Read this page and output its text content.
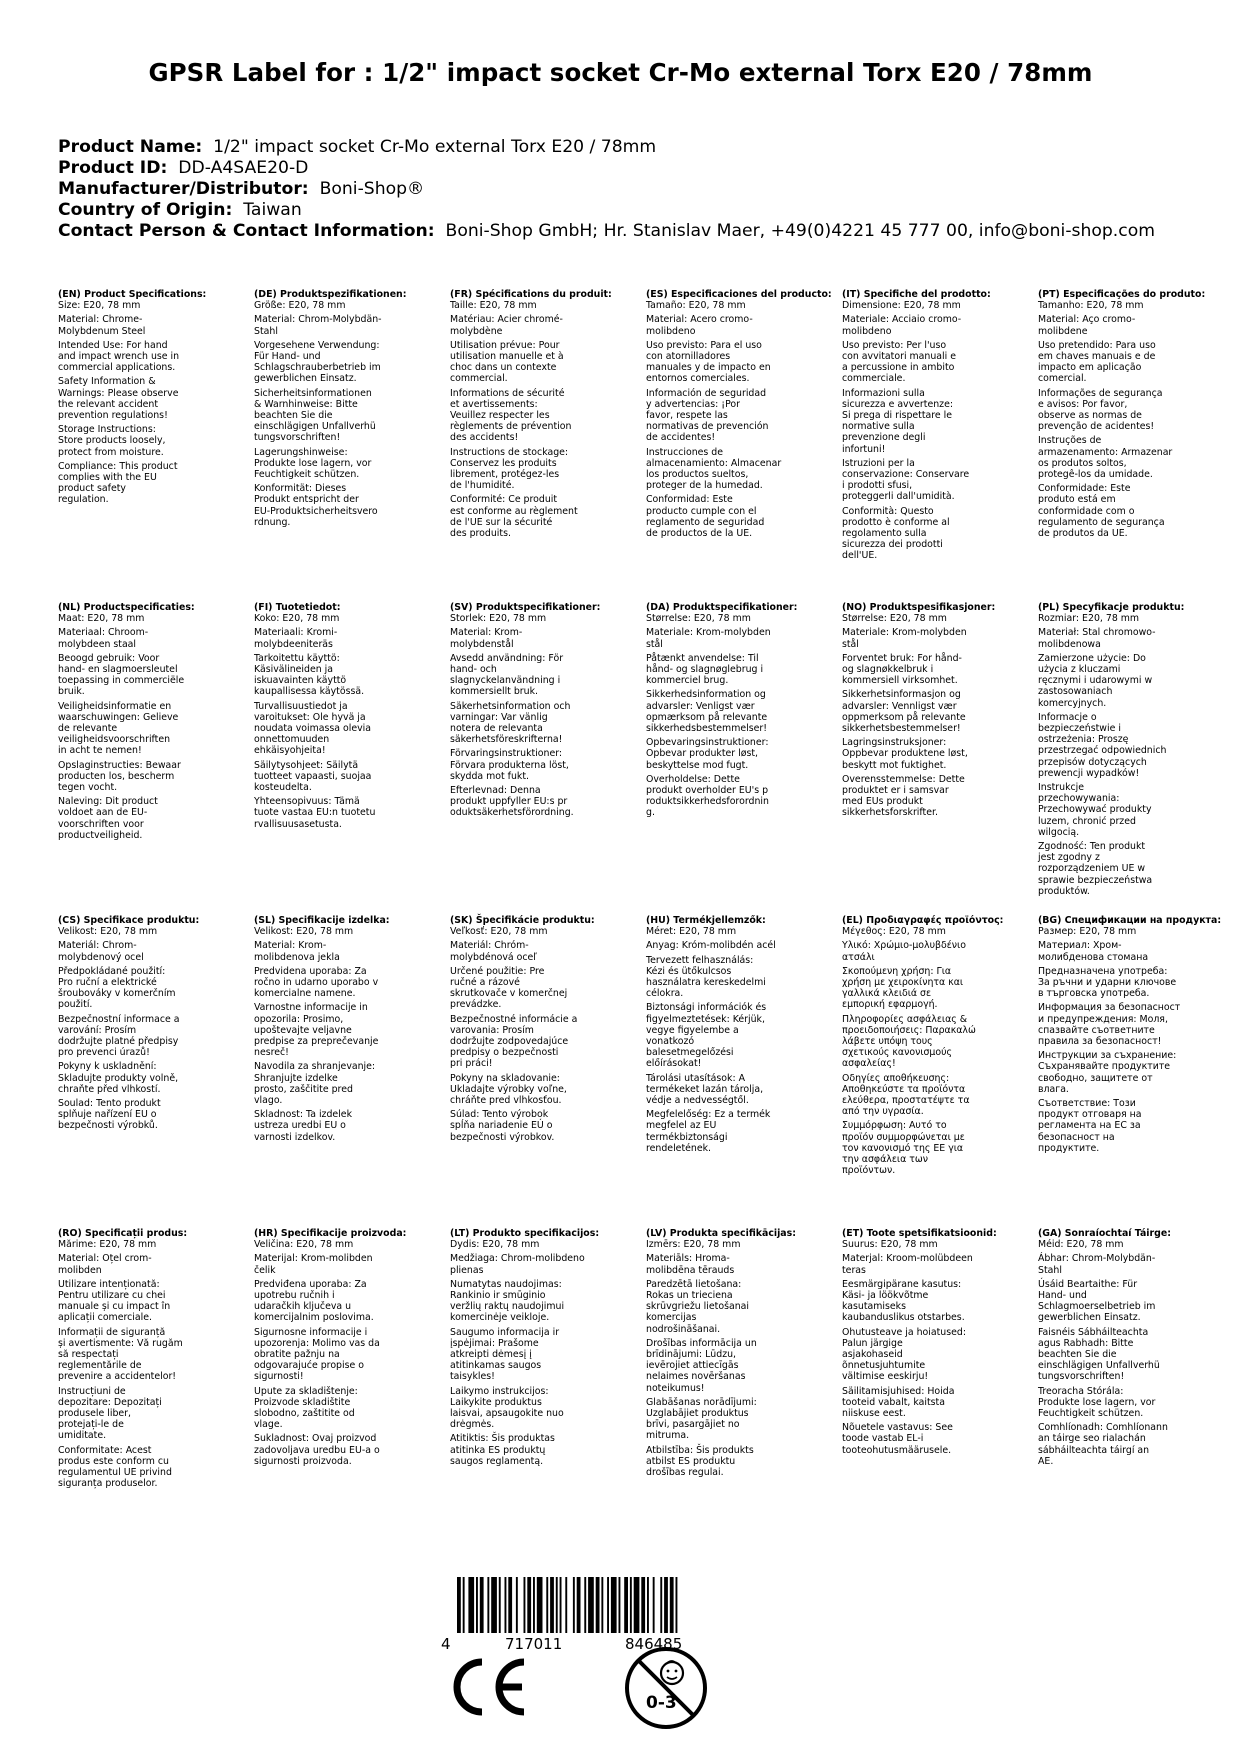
GPSR Label for : 1/2" impact socket Cr-Mo external Torx E20 / 78mm
Product Name: 1/2" impact socket Cr-Mo external Torx E20 / 78mm
Product ID: DD-A4SAE20-D
Manufacturer/Distributor: Boni-Shop®
Country of Origin: Taiwan
Contact Person & Contact Information: Boni-Shop GmbH; Hr. Stanislav Maer, +49(0)4221 45 777 00, info@boni-shop.com
(EN) Product Specifications:
Size: E20, 78 mm
Material: Chrome-
Molybdenum Steel
Intended Use: For hand
and impact wrench use in
commercial applications.
Safety Information &
Warnings: Please observe
the relevant accident
prevention regulations!
Storage Instructions:
Store products loosely,
protect from moisture.
Compliance: This product
complies with the EU
product safety
regulation.
(DE) Produktspezifikationen:
Größe: E20, 78 mm
Material: Chrom-Molybdän-
Stahl
Vorgesehene Verwendung:
Für Hand- und
Schlagschrauberbetrieb im
gewerblichen Einsatz.
Sicherheitsinformationen
& Warnhinweise: Bitte
beachten Sie die
einschlägigen Unfallverhü
tungsvorschriften!
Lagerungshinweise:
Produkte lose lagern, vor
Feuchtigkeit schützen.
Konformität: Dieses
Produkt entspricht der
EU-Produktsicherheitsvero
rdnung.
(FR) Spécifications du produit:
Taille: E20, 78 mm
Matériau: Acier chromé-
molybdène
Utilisation prévue: Pour
utilisation manuelle et à
choc dans un contexte
commercial.
Informations de sécurité
et avertissements:
Veuillez respecter les
règlements de prévention
des accidents!
Instructions de stockage:
Conservez les produits
librement, protégez-les
de l'humidité.
Conformité: Ce produit
est conforme au règlement
de l'UE sur la sécurité
des produits.
(ES) Especificaciones del producto:
Tamaño: E20, 78 mm
Material: Acero cromo-
molibdeno
Uso previsto: Para el uso
con atornilladores
manuales y de impacto en
entornos comerciales.
Información de seguridad
y advertencias: ¡Por
favor, respete las
normativas de prevención
de accidentes!
Instrucciones de
almacenamiento: Almacenar
los productos sueltos,
proteger de la humedad.
Conformidad: Este
producto cumple con el
reglamento de seguridad
de productos de la UE.
(IT) Specifiche del prodotto:
Dimensione: E20, 78 mm
Materiale: Acciaio cromo-
molibdeno
Uso previsto: Per l'uso
con avvitatori manuali e
a percussione in ambito
commerciale.
Informazioni sulla
sicurezza e avvertenze:
Si prega di rispettare le
normative sulla
prevenzione degli
infortuni!
Istruzioni per la
conservazione: Conservare
i prodotti sfusi,
proteggerli dall'umidità.
Conformità: Questo
prodotto è conforme al
regolamento sulla
sicurezza dei prodotti
dell'UE.
(PT) Especificações do produto:
Tamanho: E20, 78 mm
Material: Aço cromo-
molibdene
Uso pretendido: Para uso
em chaves manuais e de
impacto em aplicação
comercial.
Informações de segurança
e avisos: Por favor,
observe as normas de
prevenção de acidentes!
Instruções de
armazenamento: Armazenar
os produtos soltos,
protegê-los da umidade.
Conformidade: Este
produto está em
conformidade com o
regulamento de segurança
de produtos da UE.
(NL) Productspecificaties:
Maat: E20, 78 mm
Materiaal: Chroom-
molybdeen staal
Beoogd gebruik: Voor
hand- en slagmoersleutel
toepassing in commerciële
bruik.
Veiligheidsinformatie en
waarschuwingen: Gelieve
de relevante
veiligheidsvoorschriften
in acht te nemen!
Opslaginstructies: Bewaar
producten los, bescherm
tegen vocht.
Naleving: Dit product
voldoet aan de EU-
voorschriften voor
productveiligheid.
(FI) Tuotetiedot:
Koko: E20, 78 mm
Materiaali: Kromi-
molybdeeniteräs
Tarkoitettu käyttö:
Käsivälineiden ja
iskuavainten käyttö
kaupallisessa käytössä.
Turvallisuustiedot ja
varoitukset: Ole hyvä ja
noudata voimassa olevia
onnettomuuden
ehkäisyohjeita!
Säilytysohjeet: Säilytä
tuotteet vapaasti, suojaa
kosteudelta.
Yhteensopivuus: Tämä
tuote vastaa EU:n tuotetu
rvallisuusasetusta.
(SV) Produktspecifikationer:
Storlek: E20, 78 mm
Material: Krom-
molybdenstål
Avsedd användning: För
hand- och
slagnyckelanvändning i
kommersiellt bruk.
Säkerhetsinformation och
varningar: Var vänlig
notera de relevanta
säkerhetsföreskrifterna!
Förvaringsinstruktioner:
Förvara produkterna löst,
skydda mot fukt.
Efterlevnad: Denna
produkt uppfyller EU:s pr
oduktsäkerhetsförordning.
(DA) Produktspecifikationer:
Størrelse: E20, 78 mm
Materiale: Krom-molybden
stål
Påtænkt anvendelse: Til
hånd- og slagnøglebrug i
kommerciel brug.
Sikkerhedsinformation og
advarsler: Venligst vær
opmærksom på relevante
sikkerhedsbestemmelser!
Opbevaringsinstruktioner:
Opbevar produkter løst,
beskyttelse mod fugt.
Overholdelse: Dette
produkt overholder EU's p
roduktsikkerhedsforordnin
g.
(NO) Produktspesifikasjoner:
Størrelse: E20, 78 mm
Materiale: Krom-molybden
stål
Forventet bruk: For hånd-
og slagnøkkelbruk i
kommersiell virksomhet.
Sikkerhetsinformasjon og
advarsler: Vennligst vær
oppmerksom på relevante
sikkerhetsbestemmelser!
Lagringsinstruksjoner:
Oppbevar produktene løst,
beskytt mot fuktighet.
Overensstemmelse: Dette
produktet er i samsvar
med EUs produkt
sikkerhetsforskrifter.
(PL) Specyfikacje produktu:
Rozmiar: E20, 78 mm
Materiał: Stal chromowo-
molibdenowa
Zamierzone użycie: Do
użycia z kluczami
ręcznymi i udarowymi w
zastosowaniach
komercyjnych.
Informacje o
bezpieczeństwie i
ostrzeżenia: Proszę
przestrzegać odpowiednich
przepisów dotyczących
prewencji wypadków!
Instrukcje
przechowywania:
Przechowywać produkty
luzem, chronić przed
wilgocią.
Zgodność: Ten produkt
jest zgodny z
rozporządzeniem UE w
sprawie bezpieczeństwa
produktów.
(CS) Specifikace produktu:
Velikost: E20, 78 mm
Materiál: Chrom-
molybdenový ocel
Předpokládané použití:
Pro ruční a elektrické
šroubováky v komerčním
použití.
Bezpečnostní informace a
varování: Prosím
dodržujte platné předpisy
pro prevenci úrazů!
Pokyny k uskladnění:
Skladujte produkty volně,
chraňte před vlhkostí.
Soulad: Tento produkt
splňuje nařízení EU o
bezpečnosti výrobků.
(SL) Specifikacije izdelka:
Velikost: E20, 78 mm
Material: Krom-
molibdenova jekla
Predvidena uporaba: Za
ročno in udarno uporabo v
komercialne namene.
Varnostne informacije in
opozorila: Prosimo,
upoštevajte veljavne
predpise za preprečevanje
nesreč!
Navodila za shranjevanje:
Shranjujte izdelke
prosto, zaščitite pred
vlago.
Skladnost: Ta izdelek
ustreza uredbi EU o
varnosti izdelkov.
(SK) Špecifikácie produktu:
Veľkosť: E20, 78 mm
Materiál: Chróm-
molybdénová oceľ
Určené použitie: Pre
ručné a rázové
skrutkovače v komerčnej
prevádzke.
Bezpečnostné informácie a
varovania: Prosím
dodržujte zodpovedajúce
predpisy o bezpečnosti
pri práci!
Pokyny na skladovanie:
Ukladajte výrobky voľne,
chráňte pred vlhkosťou.
Súlad: Tento výrobok
spĺňa nariadenie EÚ o
bezpečnosti výrobkov.
(HU) Termékjellemzők:
Méret: E20, 78 mm
Anyag: Króm-molibdén acél
Tervezett felhasználás:
Kézi és ütőkulcsos
használatra kereskedelmi
célokra.
Biztonsági információk és
figyelmeztetések: Kérjük,
vegye figyelembe a
vonatkozó
balesetmegelőzési
előírásokat!
Tárolási utasítások: A
termékeket lazán tárolja,
védje a nedvességtől.
Megfelelőség: Ez a termék
megfelel az EU
termékbiztonsági
rendeletének.
(EL) Προδιαγραφές προϊόντος:
Μέγεθος: E20, 78 mm
Υλικό: Χρώμιο-μολυβδένιο
ατσάλι
Σκοπούμενη χρήση: Για
χρήση με χειροκίνητα και
γαλλικά κλειδιά σε
εμπορική εφαρμογή.
Πληροφορίες ασφάλειας &
προειδοποιήσεις: Παρακαλώ
λάβετε υπόψη τους
σχετικούς κανονισμούς
ασφαλείας!
Οδηγίες αποθήκευσης:
Αποθηκεύστε τα προϊόντα
ελεύθερα, προστατέψτε τα
από την υγρασία.
Συμμόρφωση: Αυτό το
προϊόν συμμορφώνεται με
τον κανονισμό της ΕΕ για
την ασφάλεια των
προϊόντων.
(BG) Спецификации на продукта:
Размер: E20, 78 mm
Материал: Хром-
молибденова стомана
Предназначена употреба:
За ръчни и ударни ключове
в търговска употреба.
Информация за безопасност
и предупреждения: Моля,
спазвайте съответните
правила за безопасност!
Инструкции за съхранение:
Съхранявайте продуктите
свободно, защитете от
влага.
Съответствие: Този
продукт отговаря на
регламента на ЕС за
безопасност на
продуктите.
(RO) Specificații produs:
Mărime: E20, 78 mm
Material: Oțel crom-
molibden
Utilizare intenționată:
Pentru utilizare cu chei
manuale și cu impact în
aplicații comerciale.
Informații de siguranță
și avertismente: Vă rugăm
să respectați
reglementările de
prevenire a accidentelor!
Instrucțiuni de
depozitare: Depozitați
produsele liber,
protejați-le de
umiditate.
Conformitate: Acest
produs este conform cu
regulamentul UE privind
siguranța produselor.
(HR) Specifikacije proizvoda:
Veličina: E20, 78 mm
Materijal: Krom-molibden
čelik
Predviđena uporaba: Za
upotrebu ručnih i
udaračkih ključeva u
komercijalnim poslovima.
Sigurnosne informacije i
upozorenja: Molimo vas da
obratite pažnju na
odgovarajuće propise o
sigurnosti!
Upute za skladištenje:
Proizvode skladištite
slobodno, zaštitite od
vlage.
Sukladnost: Ovaj proizvod
zadovoljava uredbu EU-a o
sigurnosti proizvoda.
(LT) Produkto specifikacijos:
Dydis: E20, 78 mm
Medžiaga: Chrom-molibdeno
plienas
Numatytas naudojimas:
Rankinio ir smūginio
veržlių raktų naudojimui
komercinėje veikloje.
Saugumo informacija ir
įspėjimai: Prašome
atkreipti dėmesį į
atitinkamas saugos
taisykles!
Laikymo instrukcijos:
Laikykite produktus
laisvai, apsaugokite nuo
drėgmės.
Atitiktis: Šis produktas
atitinka ES produktų
saugos reglamentą.
(LV) Produkta specifikācijas:
Izmērs: E20, 78 mm
Materiāls: Hroma-
molibdēna tērauds
Paredzētā lietošana:
Rokas un trieciena
skrūvgriežu lietošanai
komercijas
nodrošināšanai.
Drošības informācija un
brīdinājumi: Lūdzu,
ievērojiet attiecīgās
nelaimes novēršanas
noteikumus!
Glabāšanas norādījumi:
Uzglabājiet produktus
brīvi, pasargājiet no
mitruma.
Atbilstība: Šis produkts
atbilst ES produktu
drošības regulai.
(ET) Toote spetsifikatsioonid:
Suurus: E20, 78 mm
Materjal: Kroom-molübdeen
teras
Eesmärgipärane kasutus:
Käsi- ja löökvõtme
kasutamiseks
kaubanduslikus otstarbes.
Ohutusteave ja hoiatused:
Palun järgige
asjakohaseid
õnnetusjuhtumite
vältimise eeskirju!
Säilitamisjuhised: Hoida
tooteid vabalt, kaitsta
niiskuse eest.
Nõuetele vastavus: See
toode vastab EL-i
tooteohutusmäärusele.
(GA) Sonraíochtaí Táirge:
Méid: E20, 78 mm
Ábhar: Chrom-Molybdän-
Stahl
Úsáid Beartaithe: Für
Hand- und
Schlagmoerselbetrieb im
gewerblichen Einsatz.
Faisnéis Sábháilteachta
agus Rabhadh: Bitte
beachten Sie die
einschlägigen Unfallverhü
tungsvorschriften!
Treoracha Stórála:
Produkte lose lagern, vor
Feuchtigkeit schützen.
Comhlíonadh: Comhlíonann
an táirge seo rialachán
sábháilteachta táirgí an
AE.
4	717011	846485
0-3
